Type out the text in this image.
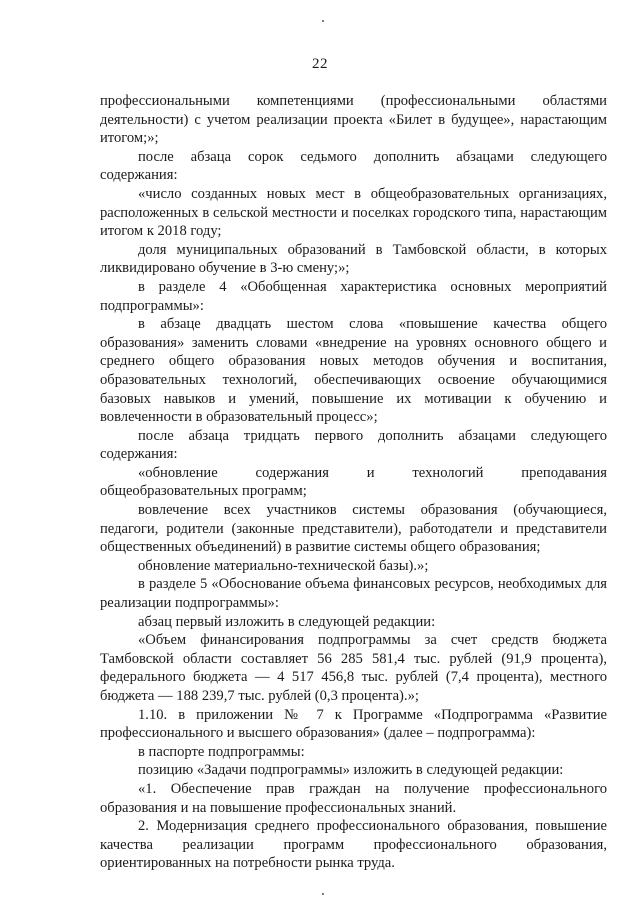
22

профессиональными компетенциями (профессиональными областями деятельности) с учетом реализации проекта «Билет в будущее», нарастающим итогом;»;

после абзаца сорок седьмого дополнить абзацами следующего содержания:

«число созданных новых мест в общеобразовательных организациях, расположенных в сельской местности и поселках городского типа, нарастающим итогом к 2018 году;

доля муниципальных образований в Тамбовской области, в которых ликвидировано обучение в 3-ю смену;»;

в разделе 4 «Обобщенная характеристика основных мероприятий подпрограммы»:

в абзаце двадцать шестом слова «повышение качества общего образования» заменить словами «внедрение на уровнях основного общего и среднего общего образования новых методов обучения и воспитания, образовательных технологий, обеспечивающих освоение обучающимися базовых навыков и умений, повышение их мотивации к обучению и вовлеченности в образовательный процесс»;

после абзаца тридцать первого дополнить абзацами следующего содержания:

«обновление содержания и технологий преподавания общеобразовательных программ;

вовлечение всех участников системы образования (обучающиеся, педагоги, родители (законные представители), работодатели и представители общественных объединений) в развитие системы общего образования;

обновление материально-технической базы).»;

в разделе 5 «Обоснование объема финансовых ресурсов, необходимых для реализации подпрограммы»:

абзац первый изложить в следующей редакции:

«Объем финансирования подпрограммы за счет средств бюджета Тамбовской области составляет 56 285 581,4 тыс. рублей (91,9 процента), федерального бюджета — 4 517 456,8 тыс. рублей (7,4 процента), местного бюджета — 188 239,7 тыс. рублей (0,3 процента).»;

1.10. в приложении № 7 к Программе «Подпрограмма «Развитие профессионального и высшего образования» (далее – подпрограмма):

в паспорте подпрограммы:

позицию «Задачи подпрограммы» изложить в следующей редакции:

«1. Обеспечение прав граждан на получение профессионального образования и на повышение профессиональных знаний.

2. Модернизация среднего профессионального образования, повышение качества реализации программ профессионального образования, ориентированных на потребности рынка труда.
